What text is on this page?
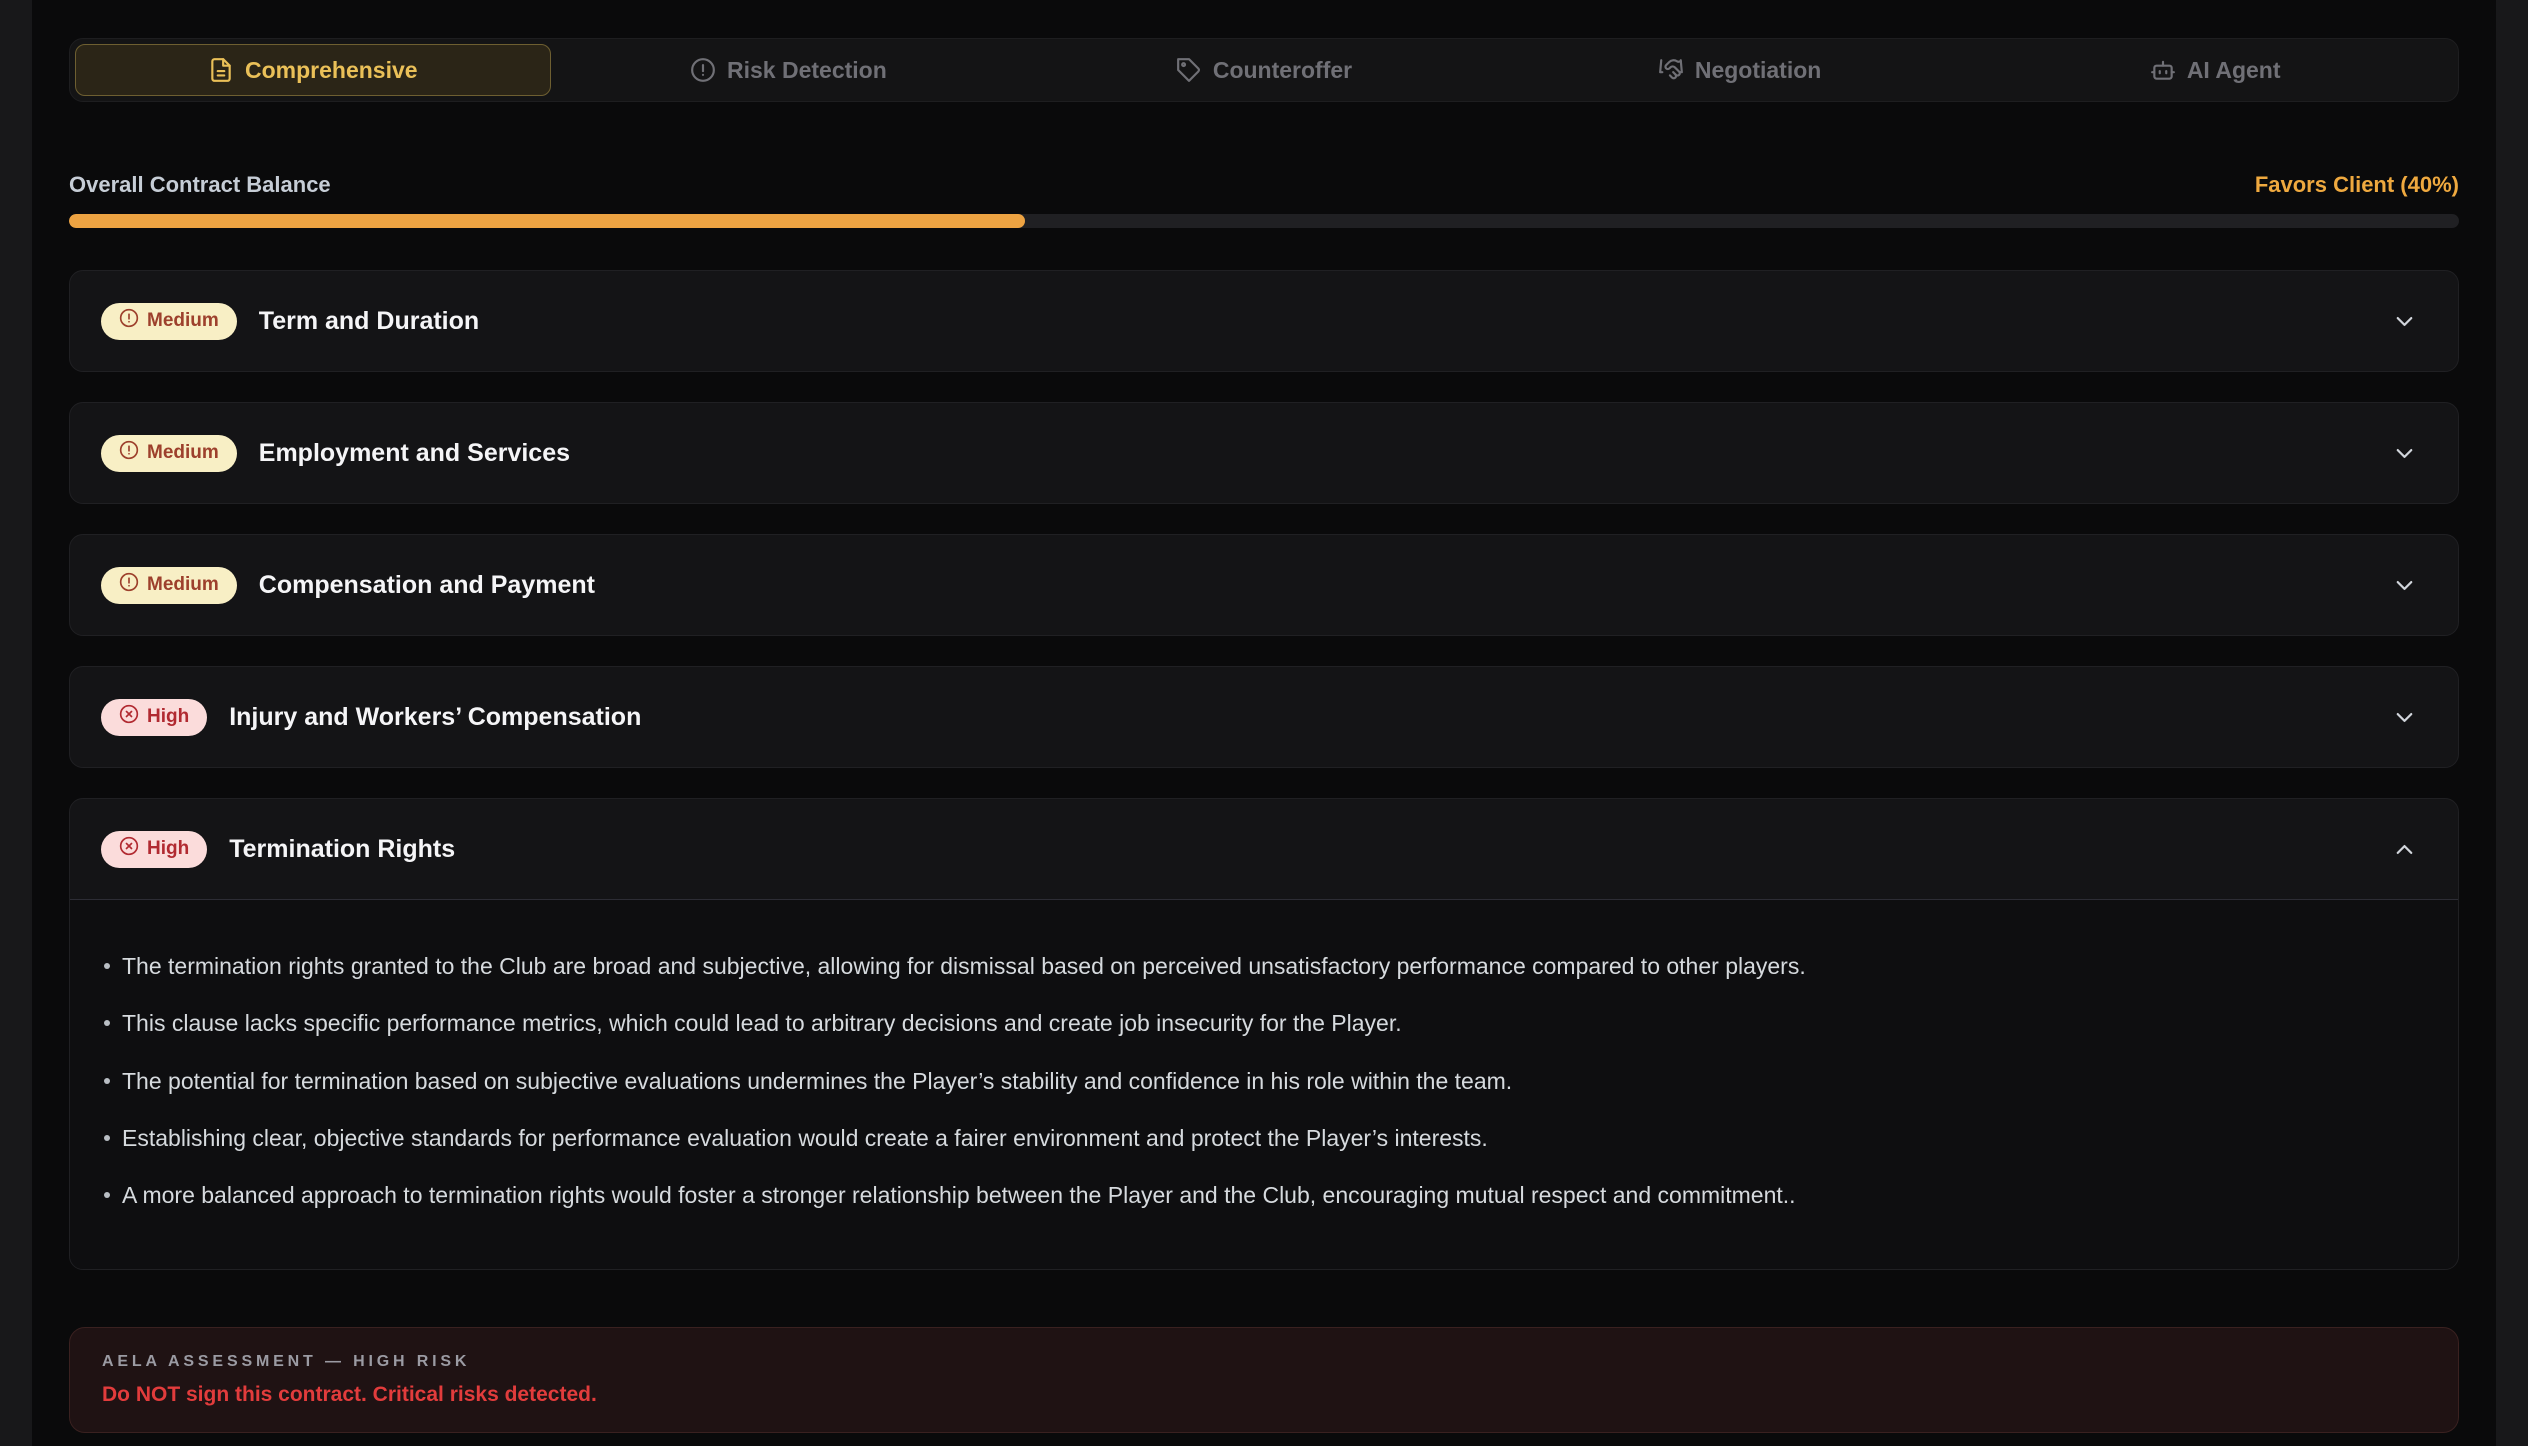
Comprehensive	Risk Detection	Counteroffer	Negotiation	AI Agent
Overall Contract Balance	Favors Client (40%)
Medium Term and Duration
Medium Employment and Services
Medium Compensation and Payment
High Injury and Workers’ Compensation
High Termination Rights
The termination rights granted to the Club are broad and subjective, allowing for dismissal based on perceived unsatisfactory performance compared to other players.
This clause lacks specific performance metrics, which could lead to arbitrary decisions and create job insecurity for the Player.
The potential for termination based on subjective evaluations undermines the Player’s stability and confidence in his role within the team.
Establishing clear, objective standards for performance evaluation would create a fairer environment and protect the Player’s interests.
A more balanced approach to termination rights would foster a stronger relationship between the Player and the Club, encouraging mutual respect and commitment..
AELA ASSESSMENT — HIGH RISK
Do NOT sign this contract. Critical risks detected.
